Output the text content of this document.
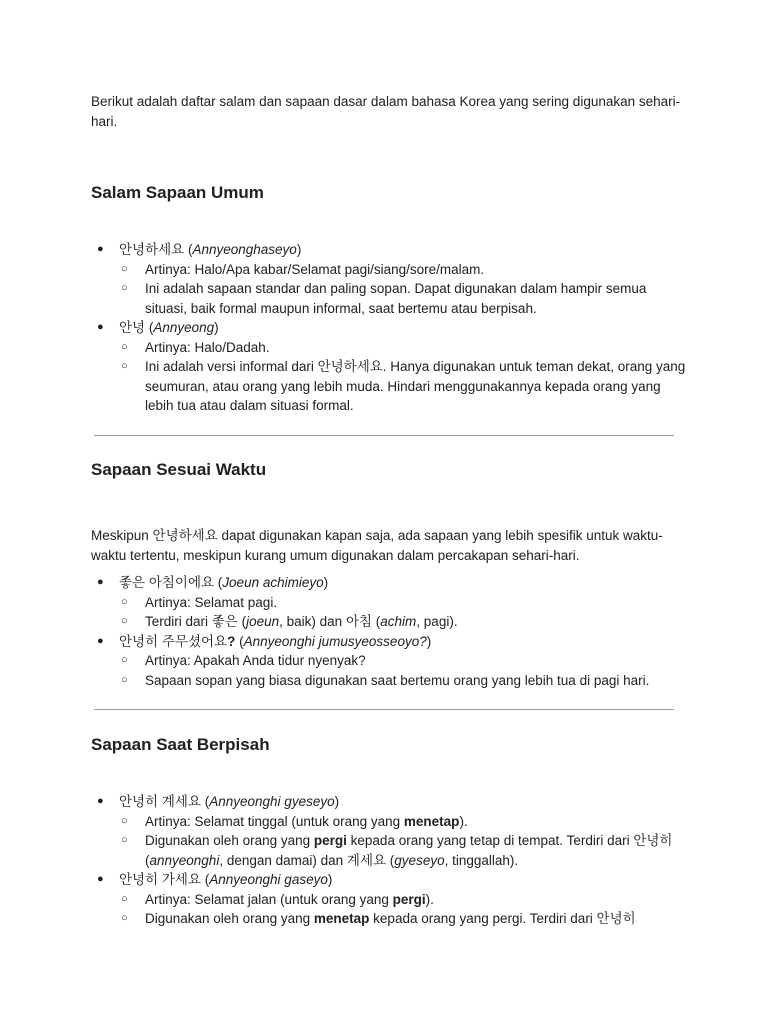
Berikut adalah daftar salam dan sapaan dasar dalam bahasa Korea yang sering digunakan sehari-hari.
Salam Sapaan Umum
● 안녕하세요 (Annyeonghaseyo)
○ Artinya: Halo/Apa kabar/Selamat pagi/siang/sore/malam.
○ Ini adalah sapaan standar dan paling sopan. Dapat digunakan dalam hampir semua situasi, baik formal maupun informal, saat bertemu atau berpisah.
● 안녕 (Annyeong)
○ Artinya: Halo/Dadah.
○ Ini adalah versi informal dari 안녕하세요. Hanya digunakan untuk teman dekat, orang yang seumuran, atau orang yang lebih muda. Hindari menggunakannya kepada orang yang lebih tua atau dalam situasi formal.
Sapaan Sesuai Waktu
Meskipun 안녕하세요 dapat digunakan kapan saja, ada sapaan yang lebih spesifik untuk waktu-waktu tertentu, meskipun kurang umum digunakan dalam percakapan sehari-hari.
● 좋은 아침이에요 (Joeun achimieyo)
○ Artinya: Selamat pagi.
○ Terdiri dari 좋은 (joeun, baik) dan 아침 (achim, pagi).
● 안녕히 주무셨어요? (Annyeonghi jumusyeosseoyo?)
○ Artinya: Apakah Anda tidur nyenyak?
○ Sapaan sopan yang biasa digunakan saat bertemu orang yang lebih tua di pagi hari.
Sapaan Saat Berpisah
● 안녕히 계세요 (Annyeonghi gyeseyo)
○ Artinya: Selamat tinggal (untuk orang yang menetap).
○ Digunakan oleh orang yang pergi kepada orang yang tetap di tempat. Terdiri dari 안녕히 (annyeonghi, dengan damai) dan 계세요 (gyeseyo, tinggallah).
● 안녕히 가세요 (Annyeonghi gaseyo)
○ Artinya: Selamat jalan (untuk orang yang pergi).
○ Digunakan oleh orang yang menetap kepada orang yang pergi. Terdiri dari 안녕히
